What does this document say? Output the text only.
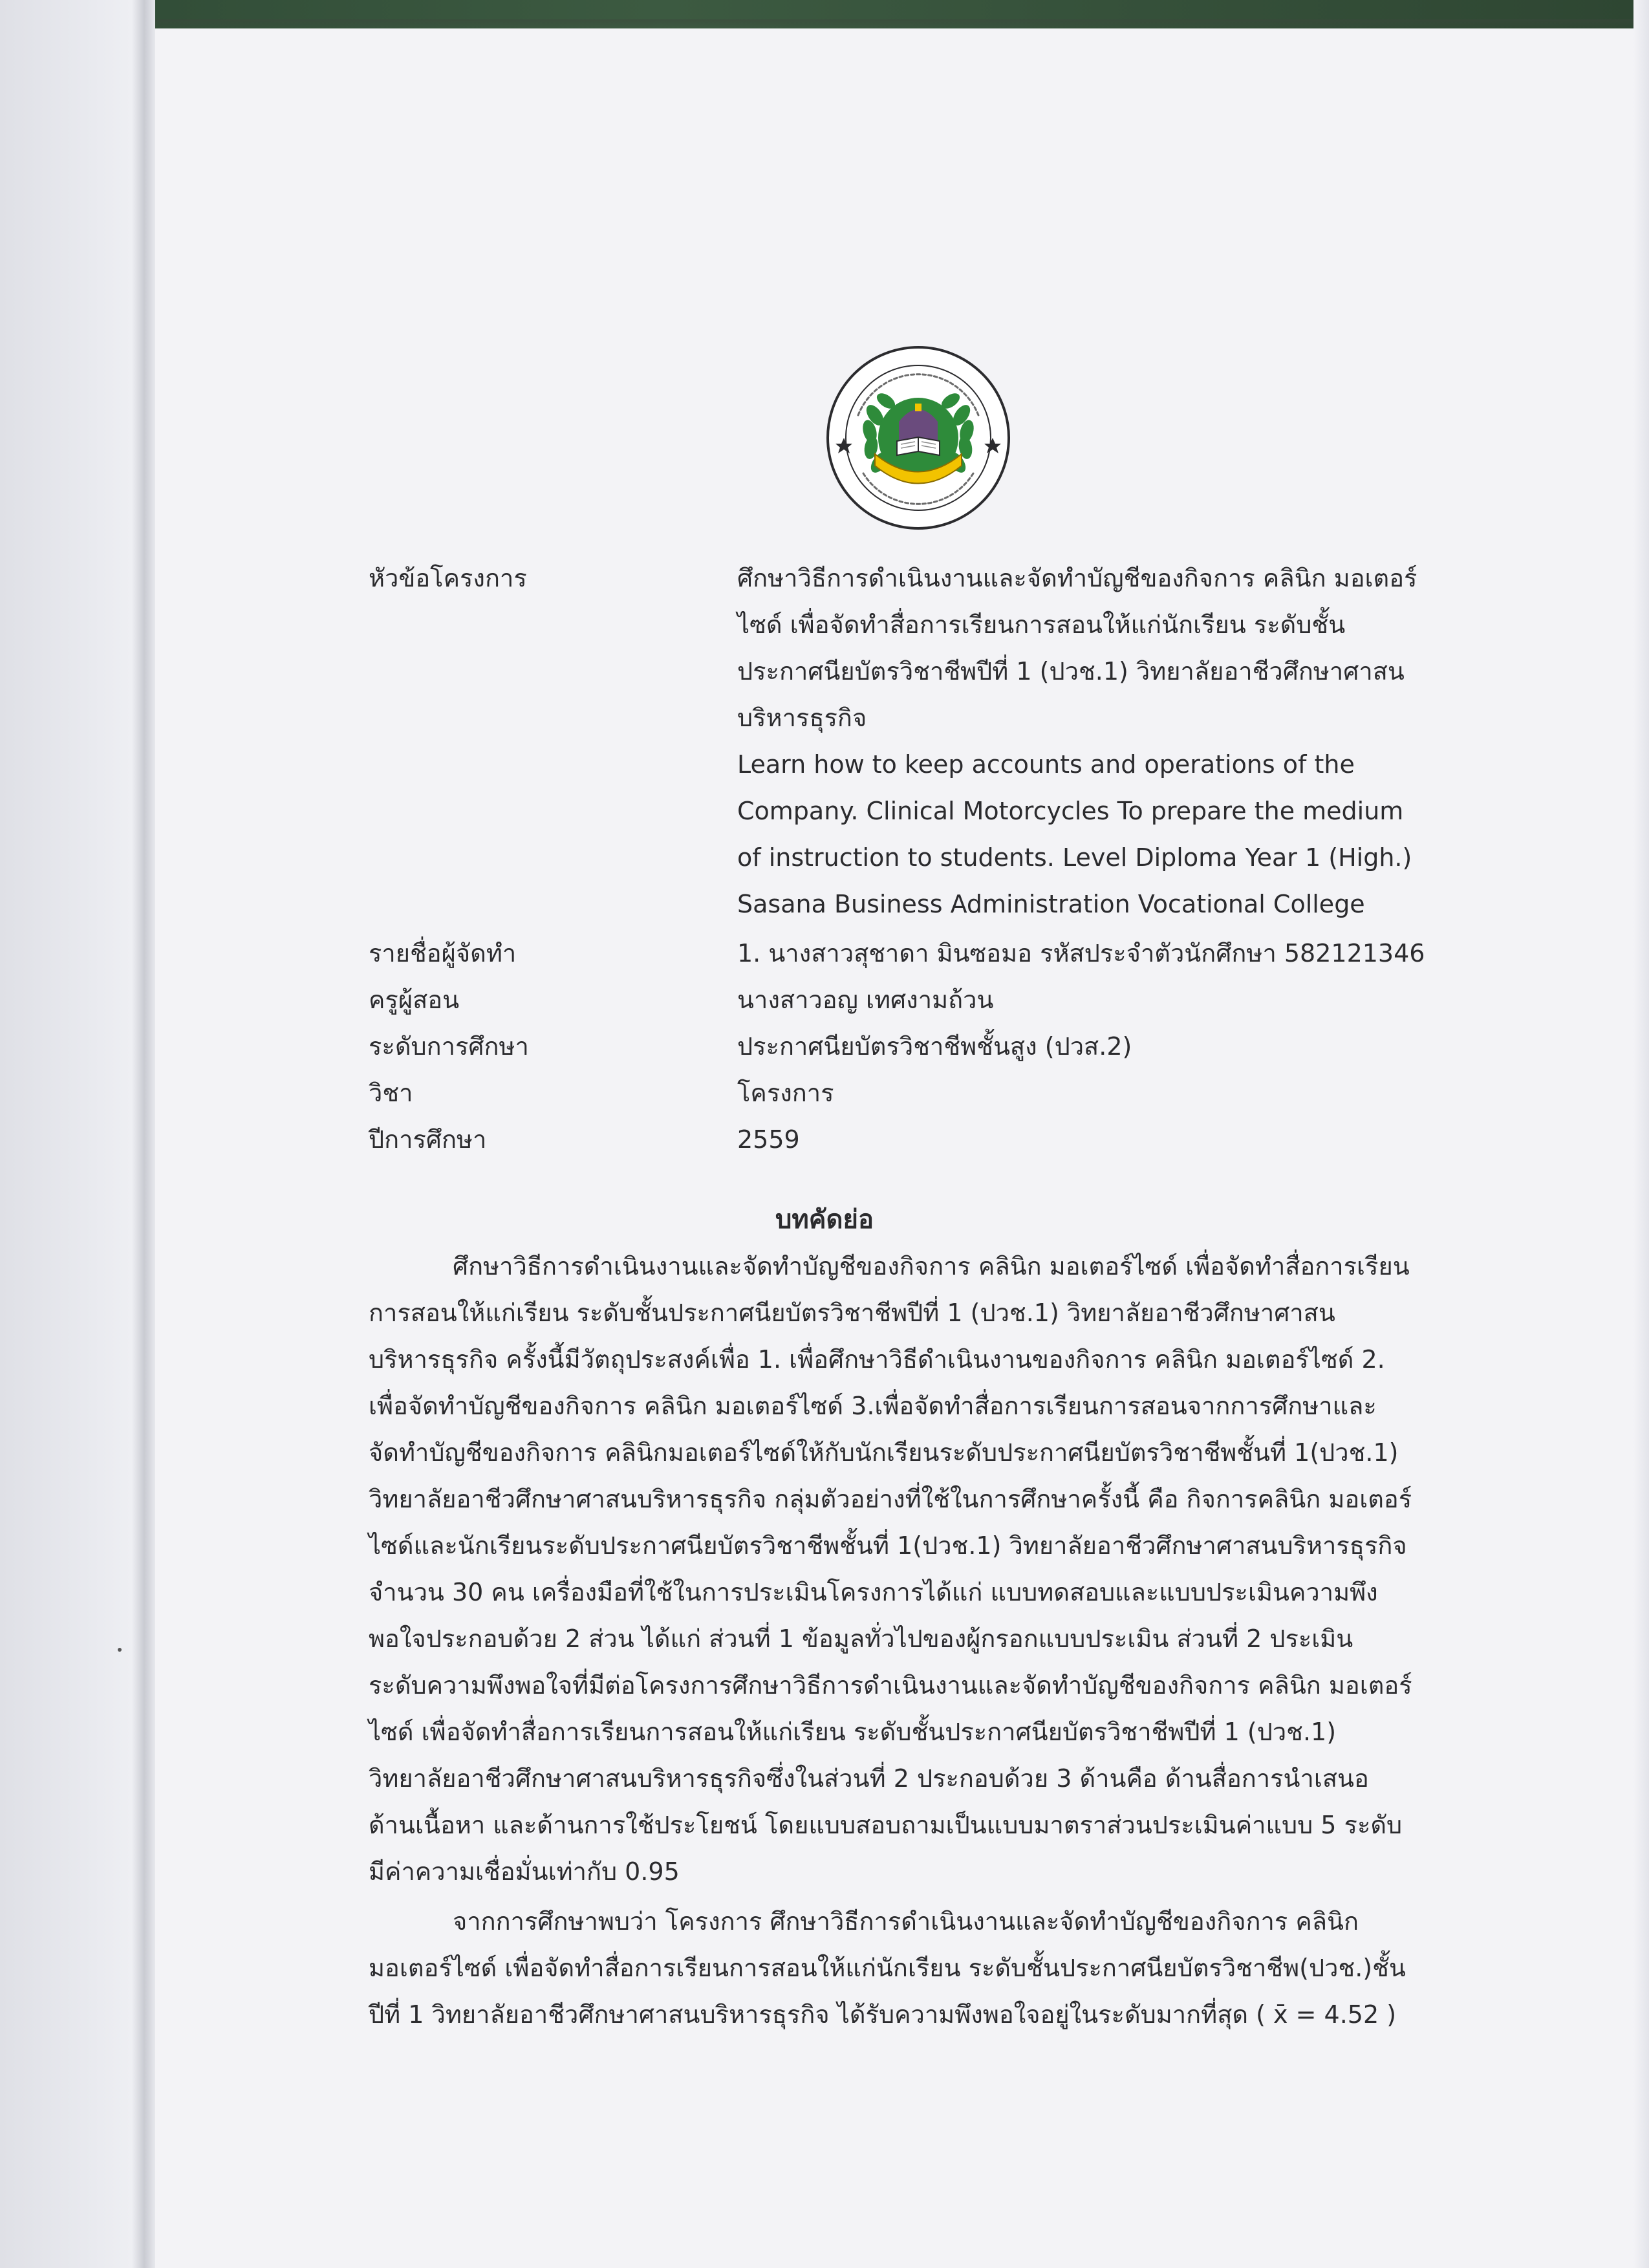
หัวข้อโครงการ	ศึกษาวิธีการดำเนินงานและจัดทำบัญชีของกิจการ คลินิก มอเตอร์
ไซด์ เพื่อจัดทำสื่อการเรียนการสอนให้แก่นักเรียน ระดับชั้น
ประกาศนียบัตรวิชาชีพปีที่ 1 (ปวช.1) วิทยาลัยอาชีวศึกษาศาสน
บริหารธุรกิจ
Learn how to keep accounts and operations of the
Company. Clinical Motorcycles To prepare the medium
of instruction to students. Level Diploma Year 1 (High.)
Sasana Business Administration Vocational College
รายชื่อผู้จัดทำ	1. นางสาวสุชาดา มินซอมอ รหัสประจำตัวนักศึกษา 582121346
ครูผู้สอน	นางสาวอญ เทศงามถ้วน
ระดับการศึกษา	ประกาศนียบัตรวิชาชีพชั้นสูง (ปวส.2)
วิชา	โครงการ
ปีการศึกษา	2559
บทคัดย่อ
ศึกษาวิธีการดำเนินงานและจัดทำบัญชีของกิจการ คลินิก มอเตอร์ไซด์ เพื่อจัดทำสื่อการเรียน
การสอนให้แก่เรียน ระดับชั้นประกาศนียบัตรวิชาชีพปีที่ 1 (ปวช.1) วิทยาลัยอาชีวศึกษาศาสน
บริหารธุรกิจ ครั้งนี้มีวัตถุประสงค์เพื่อ 1. เพื่อศึกษาวิธีดำเนินงานของกิจการ คลินิก มอเตอร์ไซด์ 2.
เพื่อจัดทำบัญชีของกิจการ คลินิก มอเตอร์ไซด์ 3.เพื่อจัดทำสื่อการเรียนการสอนจากการศึกษาและ
จัดทำบัญชีของกิจการ คลินิกมอเตอร์ไซด์ให้กับนักเรียนระดับประกาศนียบัตรวิชาชีพชั้นที่ 1(ปวช.1)
วิทยาลัยอาชีวศึกษาศาสนบริหารธุรกิจ กลุ่มตัวอย่างที่ใช้ในการศึกษาครั้งนี้ คือ กิจการคลินิก มอเตอร์
ไซด์และนักเรียนระดับประกาศนียบัตรวิชาชีพชั้นที่ 1(ปวช.1) วิทยาลัยอาชีวศึกษาศาสนบริหารธุรกิจ
จำนวน 30 คน เครื่องมือที่ใช้ในการประเมินโครงการได้แก่ แบบทดสอบและแบบประเมินความพึง
พอใจประกอบด้วย 2 ส่วน ได้แก่ ส่วนที่ 1 ข้อมูลทั่วไปของผู้กรอกแบบประเมิน ส่วนที่ 2 ประเมิน
ระดับความพึงพอใจที่มีต่อโครงการศึกษาวิธีการดำเนินงานและจัดทำบัญชีของกิจการ คลินิก มอเตอร์
ไซด์ เพื่อจัดทำสื่อการเรียนการสอนให้แก่เรียน ระดับชั้นประกาศนียบัตรวิชาชีพปีที่ 1 (ปวช.1)
วิทยาลัยอาชีวศึกษาศาสนบริหารธุรกิจซึ่งในส่วนที่ 2 ประกอบด้วย 3 ด้านคือ ด้านสื่อการนำเสนอ
ด้านเนื้อหา และด้านการใช้ประโยชน์ โดยแบบสอบถามเป็นแบบมาตราส่วนประเมินค่าแบบ 5 ระดับ
มีค่าความเชื่อมั่นเท่ากับ 0.95
จากการศึกษาพบว่า โครงการ ศึกษาวิธีการดำเนินงานและจัดทำบัญชีของกิจการ คลินิก
มอเตอร์ไซด์ เพื่อจัดทำสื่อการเรียนการสอนให้แก่นักเรียน ระดับชั้นประกาศนียบัตรวิชาชีพ(ปวช.)ชั้น
ปีที่ 1 วิทยาลัยอาชีวศึกษาศาสนบริหารธุรกิจ ได้รับความพึงพอใจอยู่ในระดับมากที่สุด ( x̄ = 4.52 )
